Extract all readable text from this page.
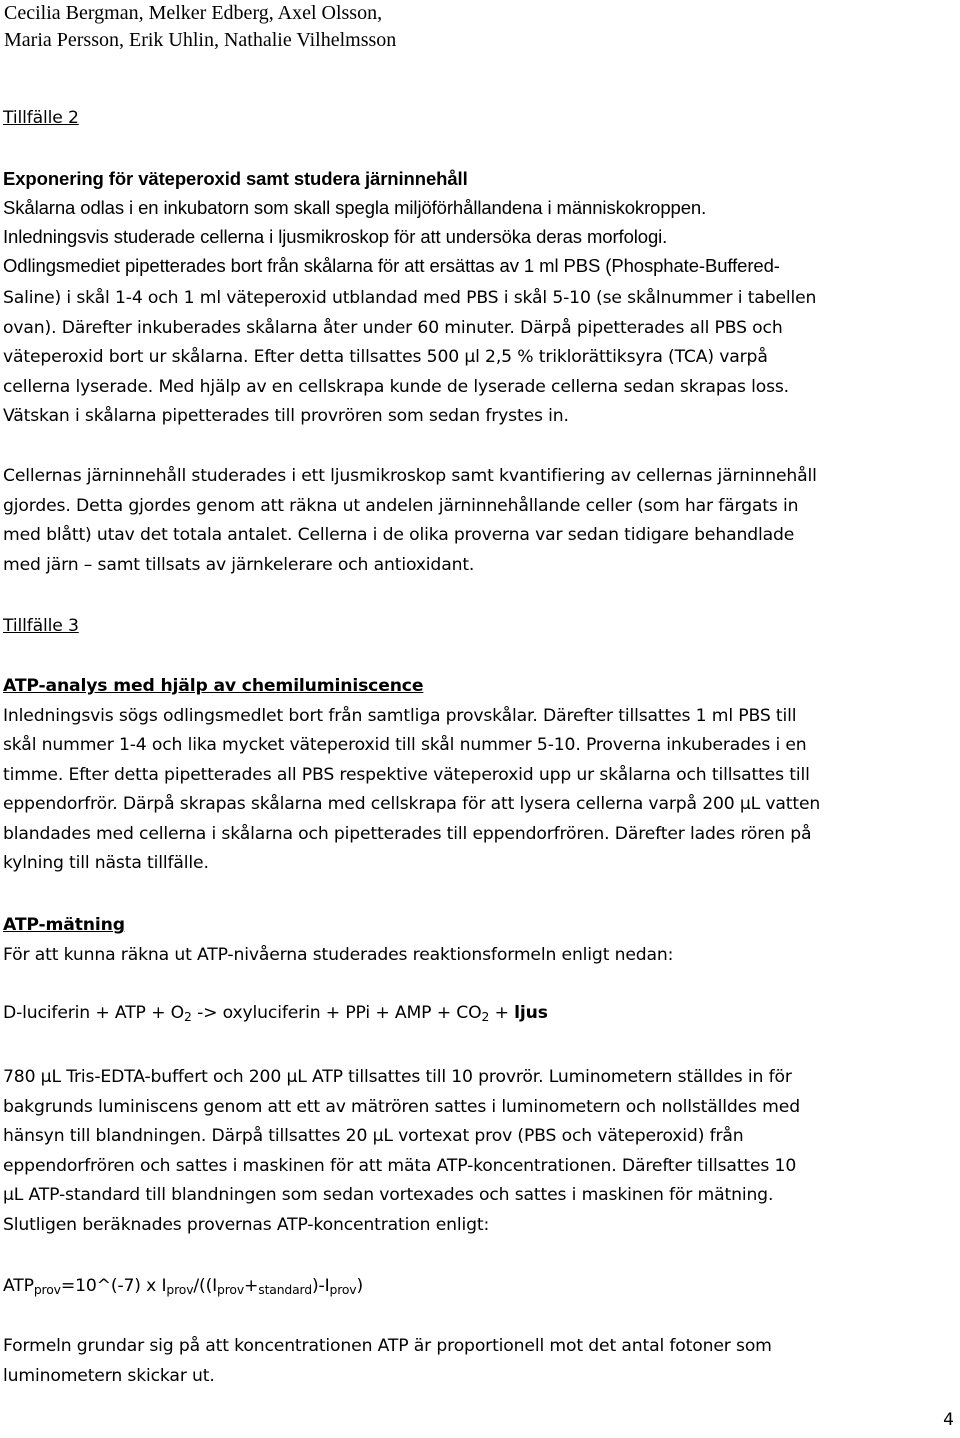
Cecilia Bergman, Melker Edberg, Axel Olsson,
Maria Persson, Erik Uhlin, Nathalie Vilhelmsson
Tillfälle 2
Exponering för väteperoxid samt studera järninnehåll
Skålarna odlas i en inkubatorn som skall spegla miljöförhållandena i människokroppen.
Inledningsvis studerade cellerna i ljusmikroskop för att undersöka deras morfologi.
Odlingsmediet pipetterades bort från skålarna för att ersättas av 1 ml PBS (Phosphate-Buffered-
Saline) i skål 1-4 och 1 ml väteperoxid utblandad med PBS i skål 5-10 (se skålnummer i tabellen
ovan). Därefter inkuberades skålarna åter under 60 minuter. Därpå pipetterades all PBS och
väteperoxid bort ur skålarna. Efter detta tillsattes 500 µl 2,5 % triklorättiksyra (TCA) varpå
cellerna lyserade. Med hjälp av en cellskrapa kunde de lyserade cellerna sedan skrapas loss.
Vätskan i skålarna pipetterades till provrören som sedan frystes in.
Cellernas järninnehåll studerades i ett ljusmikroskop samt kvantifiering av cellernas järninnehåll
gjordes. Detta gjordes genom att räkna ut andelen järninnehållande celler (som har färgats in
med blått) utav det totala antalet. Cellerna i de olika proverna var sedan tidigare behandlade
med järn – samt tillsats av järnkelerare och antioxidant.
Tillfälle 3
ATP-analys med hjälp av chemiluminiscence
Inledningsvis sögs odlingsmedlet bort från samtliga provskålar. Därefter tillsattes 1 ml PBS till
skål nummer 1-4 och lika mycket väteperoxid till skål nummer 5-10. Proverna inkuberades i en
timme. Efter detta pipetterades all PBS respektive väteperoxid upp ur skålarna och tillsattes till
eppendorfrör. Därpå skrapas skålarna med cellskrapa för att lysera cellerna varpå 200 µL vatten
blandades med cellerna i skålarna och pipetterades till eppendorfrören. Därefter lades rören på
kylning till nästa tillfälle.
ATP-mätning
För att kunna räkna ut ATP-nivåerna studerades reaktionsformeln enligt nedan:
D-luciferin + ATP + $O_2$ -> oxyluciferin + PPi + AMP + $CO_2$ + ljus
780 µL Tris-EDTA-buffert och 200 µL ATP tillsattes till 10 provrör. Luminometern ställdes in för
bakgrunds luminiscens genom att ett av mätrören sattes i luminometern och nollställdes med
hänsyn till blandningen. Därpå tillsattes 20 µL vortexat prov (PBS och väteperoxid) från
eppendorfrören och sattes i maskinen för att mäta ATP-koncentrationen. Därefter tillsattes 10
µL ATP-standard till blandningen som sedan vortexades och sattes i maskinen för mätning.
Slutligen beräknades provernas ATP-koncentration enligt:
$ATP_{prov}=10\^{}(-7)$ x $I_{prov}/((I_{prov}+_{standard})-I_{prov})$
Formeln grundar sig på att koncentrationen ATP är proportionell mot det antal fotoner som
luminometern skickar ut.
4
